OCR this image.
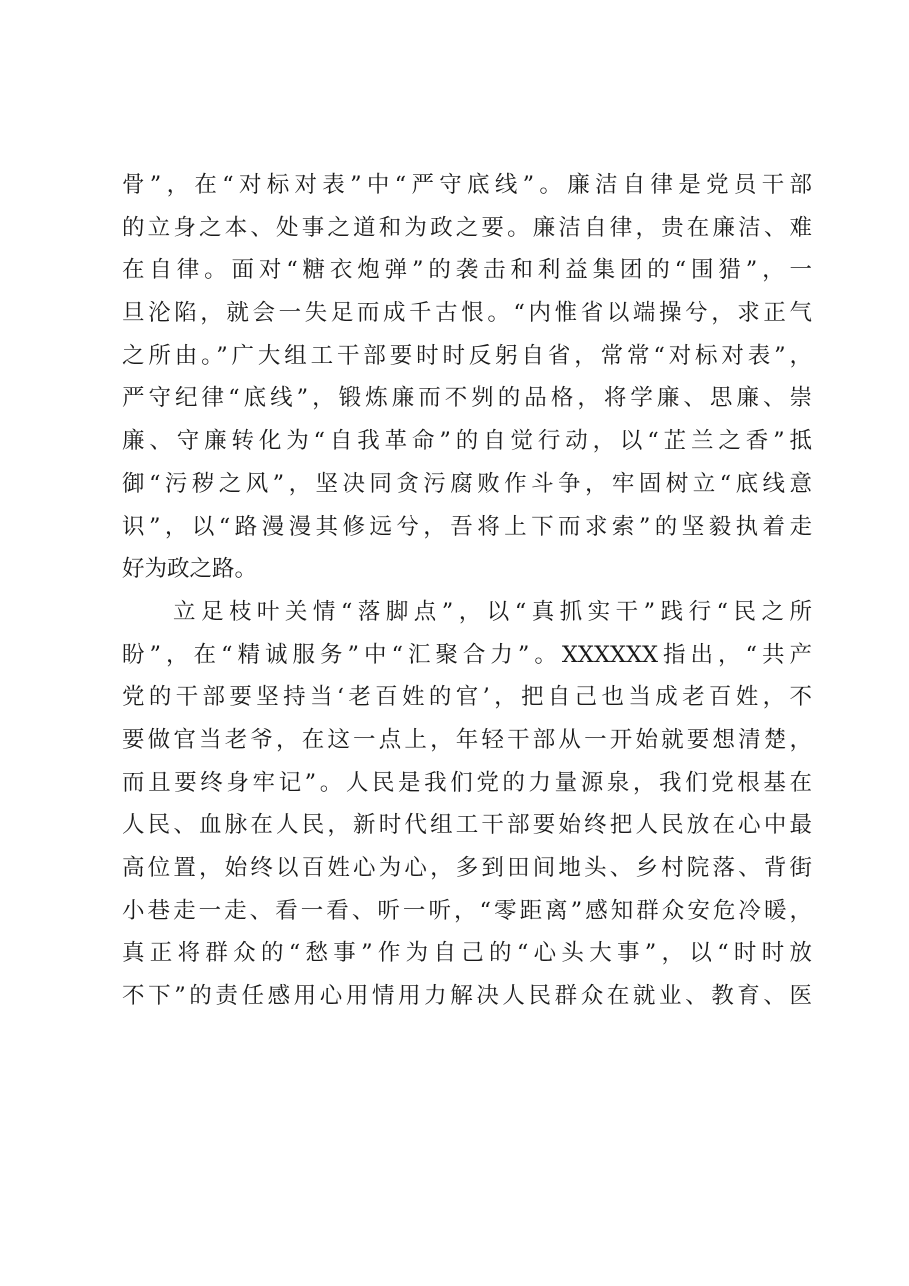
骨”，在“对标对表”中“严守底线”。廉洁自律是党员干部
的立身之本、处事之道和为政之要。廉洁自律，贵在廉洁、难
在自律。面对“糖衣炮弹”的袭击和利益集团的“围猎”，一
旦沦陷，就会一失足而成千古恨。“内惟省以端操兮，求正气
之所由。”广大组工干部要时时反躬自省，常常“对标对表”，
严守纪律“底线”，锻炼廉而不刿的品格，将学廉、思廉、崇
廉、守廉转化为“自我革命”的自觉行动，以“芷兰之香”抵
御“污秽之风”，坚决同贪污腐败作斗争，牢固树立“底线意
识”，以“路漫漫其修远兮，吾将上下而求索”的坚毅执着走
好为政之路。
立足枝叶关情“落脚点”，以“真抓实干”践行“民之所
盼”，在“精诚服务”中“汇聚合力”。XXXXXX指出，“共产
党的干部要坚持当‘老百姓的官’，把自己也当成老百姓，不
要做官当老爷，在这一点上，年轻干部从一开始就要想清楚，
而且要终身牢记”。人民是我们党的力量源泉，我们党根基在
人民、血脉在人民，新时代组工干部要始终把人民放在心中最
高位置，始终以百姓心为心，多到田间地头、乡村院落、背街
小巷走一走、看一看、听一听，“零距离”感知群众安危冷暖，
真正将群众的“愁事”作为自己的“心头大事”，以“时时放
不下”的责任感用心用情用力解决人民群众在就业、教育、医
